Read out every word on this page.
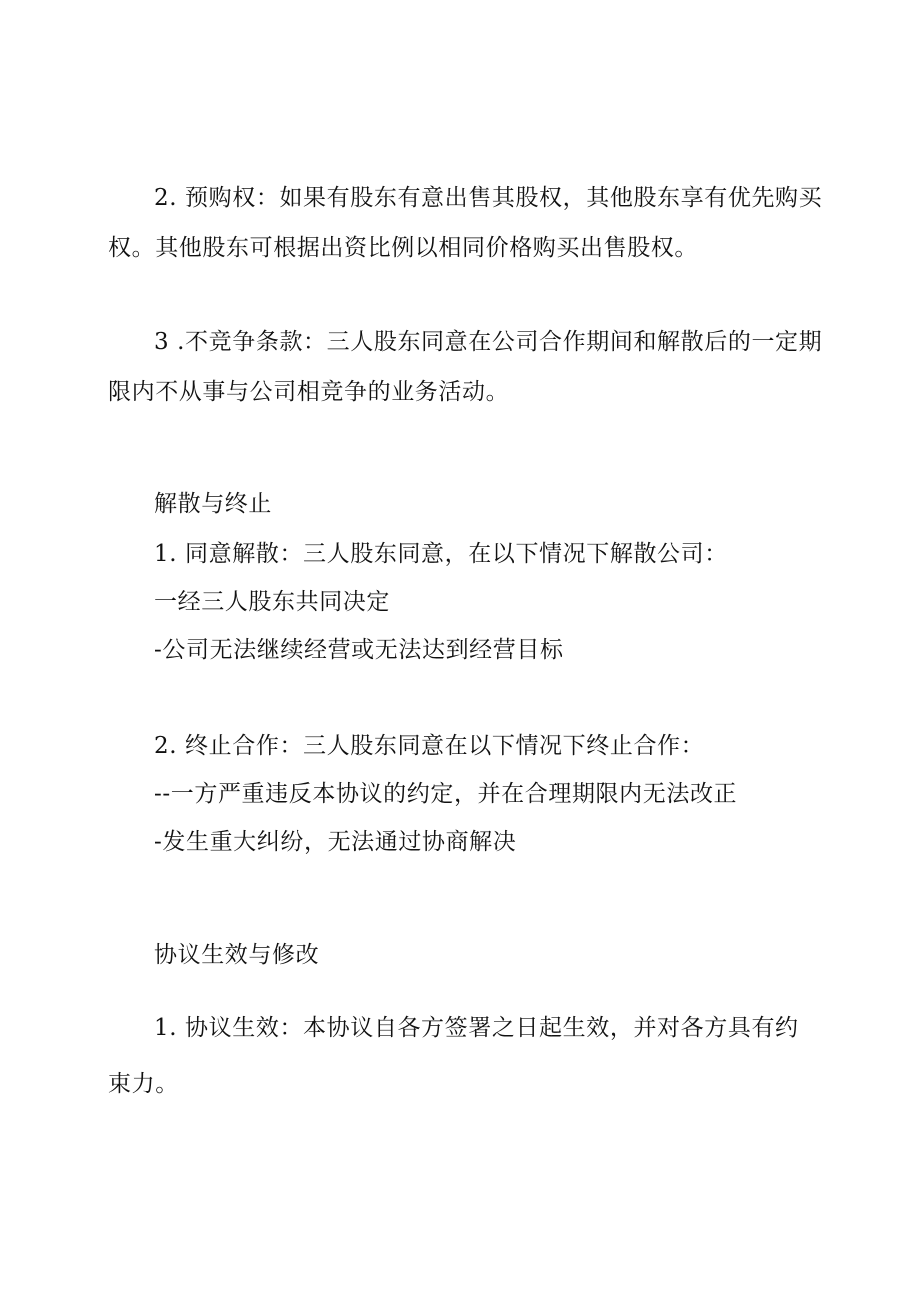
2. 预购权：如果有股东有意出售其股权，其他股东享有优先购买
权。其他股东可根据出资比例以相同价格购买出售股权。
3 .不竞争条款：三人股东同意在公司合作期间和解散后的一定期
限内不从事与公司相竞争的业务活动。
解散与终止
1. 同意解散：三人股东同意，在以下情况下解散公司：
一经三人股东共同决定
-公司无法继续经营或无法达到经营目标
2. 终止合作：三人股东同意在以下情况下终止合作：
--一方严重违反本协议的约定，并在合理期限内无法改正
-发生重大纠纷，无法通过协商解决
协议生效与修改
1. 协议生效：本协议自各方签署之日起生效，并对各方具有约
束力。
